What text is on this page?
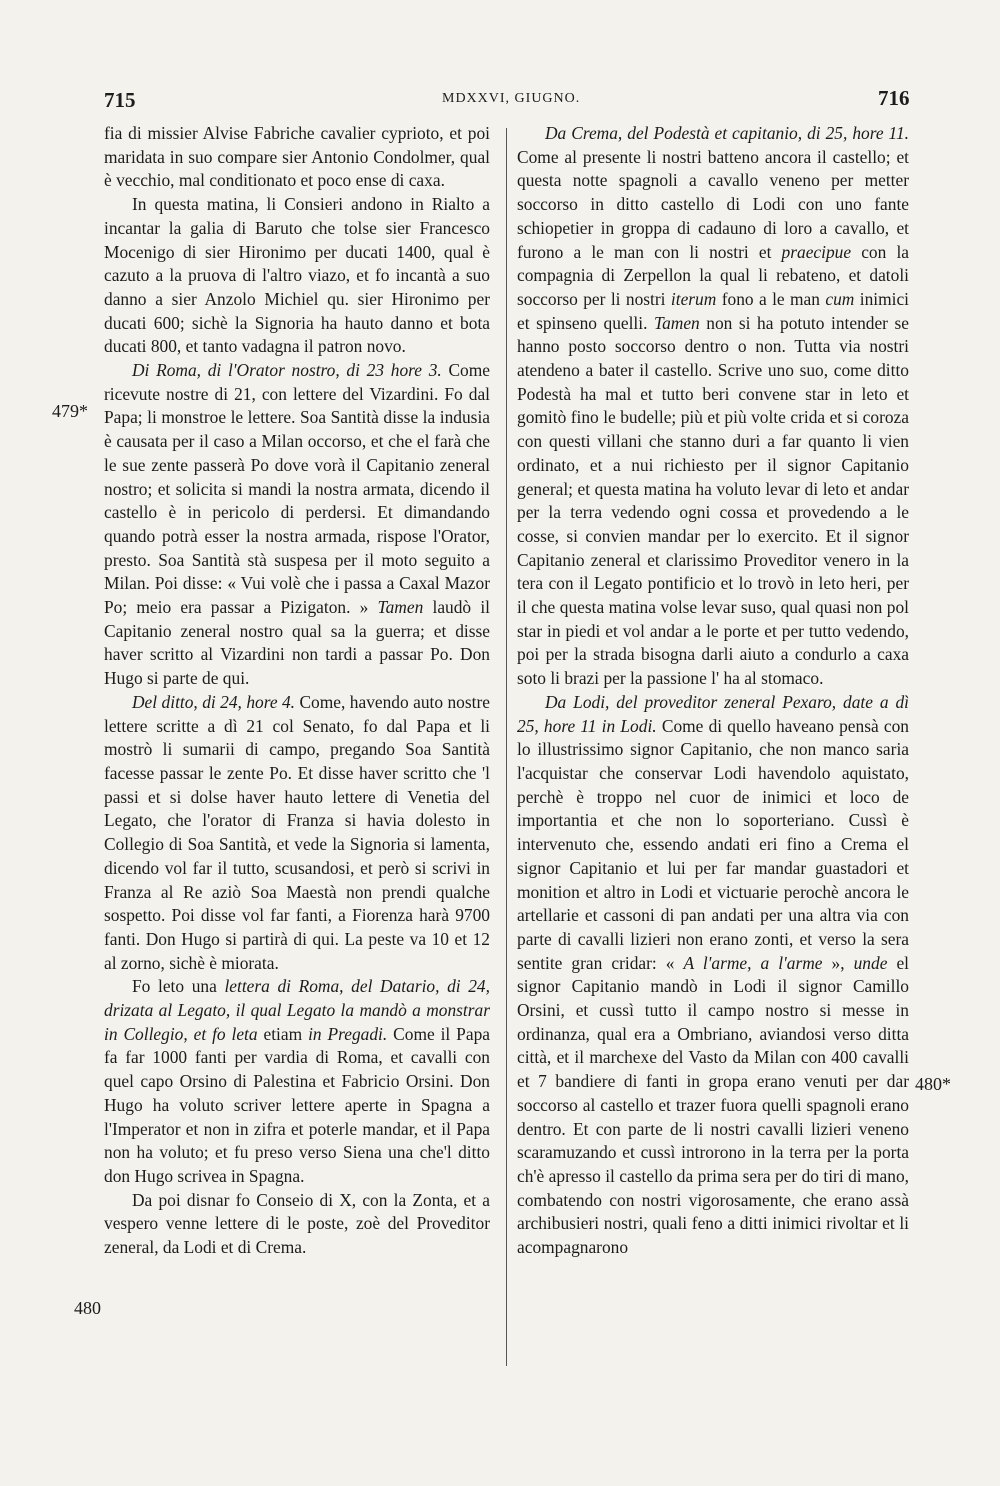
715	MDXXVI, GIUGNO.	716
479*
480
480*

fia di missier Alvise Fabriche cavalier cyprioto, et poi maridata in suo compare sier Antonio Condolmer, qual è vecchio, mal conditionato et poco ense di caxa.

In questa matina, li Consieri andono in Rialto a incantar la galia di Baruto che tolse sier Francesco Mocenigo di sier Hironimo per ducati 1400, qual è cazuto a la pruova di l'altro viazo, et fo incantà a suo danno a sier Anzolo Michiel qu. sier Hironimo per ducati 600; sichè la Signoria ha hauto danno et bota ducati 800, et tanto vadagna il patron novo.

Di Roma, di l'Orator nostro, di 23 hore 3. Come ricevute nostre di 21, con lettere del Vizardini. Fo dal Papa; li monstroe le lettere. Soa Santità disse la indusia è causata per il caso a Milan occorso, et che el farà che le sue zente passerà Po dove vorà il Capitanio zeneral nostro; et solicita si mandi la nostra armata, dicendo il castello è in pericolo di perdersi. Et dimandando quando potrà esser la nostra armada, rispose l'Orator, presto. Soa Santità stà suspesa per il moto seguito a Milan. Poi disse: « Vui volè che i passa a Caxal Mazor Po; meio era passar a Pizigaton. » Tamen laudò il Capitanio zeneral nostro qual sa la guerra; et disse haver scritto al Vizardini non tardi a passar Po. Don Hugo si parte de qui.

Del ditto, di 24, hore 4. Come, havendo auto nostre lettere scritte a dì 21 col Senato, fo dal Papa et li mostrò li sumarii di campo, pregando Soa Santità facesse passar le zente Po. Et disse haver scritto che 'l passi et si dolse haver hauto lettere di Venetia del Legato, che l'orator di Franza si havia dolesto in Collegio di Soa Santità, et vede la Signoria si lamenta, dicendo vol far il tutto, scusandosi, et però si scrivi in Franza al Re aziò Soa Maestà non prendi qualche sospetto. Poi disse vol far fanti, a Fiorenza harà 9700 fanti. Don Hugo si partirà di qui. La peste va 10 et 12 al zorno, sichè è miorata.

Fo leto una lettera di Roma, del Datario, di 24, drizata al Legato, il qual Legato la mandò a monstrar in Collegio, et fo leta etiam in Pregadi. Come il Papa fa far 1000 fanti per vardia di Roma, et cavalli con quel capo Orsino di Palestina et Fabricio Orsini. Don Hugo ha voluto scriver lettere aperte in Spagna a l'Imperator et non in zifra et poterle mandar, et il Papa non ha voluto; et fu preso verso Siena una che'l ditto don Hugo scrivea in Spagna.

Da poi disnar fo Conseio di X, con la Zonta, et a vespero venne lettere di le poste, zoè del Proveditor zeneral, da Lodi et di Crema.

Da Crema, del Podestà et capitanio, di 25, hore 11. Come al presente li nostri batteno ancora il castello; et questa notte spagnoli a cavallo veneno per metter soccorso in ditto castello di Lodi con uno fante schiopetier in groppa di cadauno di loro a cavallo, et furono a le man con li nostri et praecipue con la compagnia di Zerpellon la qual li rebateno, et datoli soccorso per li nostri iterum fono a le man cum inimici et spinseno quelli. Tamen non si ha potuto intender se hanno posto soccorso dentro o non. Tutta via nostri atendeno a bater il castello. Scrive uno suo, come ditto Podestà ha mal et tutto beri convene star in leto et gomitò fino le budelle; più et più volte crida et si coroza con questi villani che stanno duri a far quanto li vien ordinato, et a nui richiesto per il signor Capitanio general; et questa matina ha voluto levar di leto et andar per la terra vedendo ogni cossa et provedendo a le cosse, si convien mandar per lo exercito. Et il signor Capitanio zeneral et clarissimo Proveditor venero in la tera con il Legato pontificio et lo trovò in leto heri, per il che questa matina volse levar suso, qual quasi non pol star in piedi et vol andar a le porte et per tutto vedendo, poi per la strada bisogna darli aiuto a condurlo a caxa soto li brazi per la passione l' ha al stomaco.

Da Lodi, del proveditor zeneral Pexaro, date a dì 25, hore 11 in Lodi. Come di quello haveano pensà con lo illustrissimo signor Capitanio, che non manco saria l'acquistar che conservar Lodi havendolo aquistato, perchè è troppo nel cuor de inimici et loco de importantia et che non lo soporteriano. Cussì è intervenuto che, essendo andati eri fino a Crema el signor Capitanio et lui per far mandar guastadori et monition et altro in Lodi et victuarie perochè ancora le artellarie et cassoni di pan andati per una altra via con parte di cavalli lizieri non erano zonti, et verso la sera sentite gran cridar: « A l'arme, a l'arme », unde el signor Capitanio mandò in Lodi il signor Camillo Orsini, et cussì tutto il campo nostro si messe in ordinanza, qual era a Ombriano, aviandosi verso ditta città, et il marchexe del Vasto da Milan con 400 cavalli et 7 bandiere di fanti in gropa erano venuti per dar soccorso al castello et trazer fuora quelli spagnoli erano dentro. Et con parte de li nostri cavalli lizieri veneno scaramuzando et cussì introrono in la terra per la porta ch'è apresso il castello da prima sera per do tiri di mano, combatendo con nostri vigorosamente, che erano assà archibusieri nostri, quali feno a ditti inimici rivoltar et li acompagnarono
